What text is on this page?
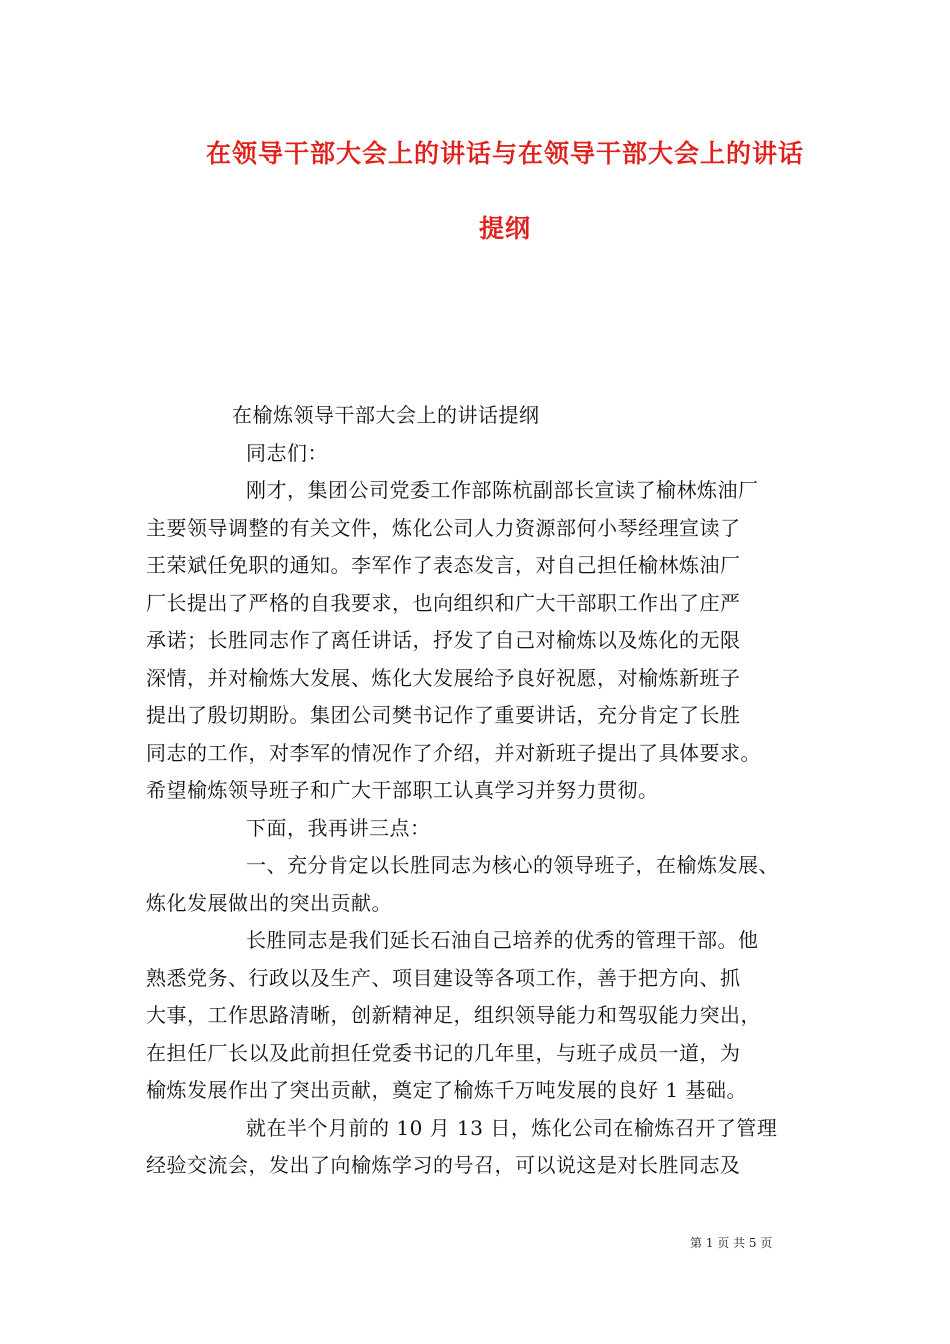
在领导干部大会上的讲话与在领导干部大会上的讲话
提纲
在榆炼领导干部大会上的讲话提纲
同志们：
刚才，集团公司党委工作部陈杭副部长宣读了榆林炼油厂
主要领导调整的有关文件，炼化公司人力资源部何小琴经理宣读了
王荣斌任免职的通知。李军作了表态发言，对自己担任榆林炼油厂
厂长提出了严格的自我要求，也向组织和广大干部职工作出了庄严
承诺；长胜同志作了离任讲话，抒发了自己对榆炼以及炼化的无限
深情，并对榆炼大发展、炼化大发展给予良好祝愿，对榆炼新班子
提出了殷切期盼。集团公司樊书记作了重要讲话，充分肯定了长胜
同志的工作，对李军的情况作了介绍，并对新班子提出了具体要求。
希望榆炼领导班子和广大干部职工认真学习并努力贯彻。
下面，我再讲三点：
一、充分肯定以长胜同志为核心的领导班子，在榆炼发展、
炼化发展做出的突出贡献。
长胜同志是我们延长石油自己培养的优秀的管理干部。他
熟悉党务、行政以及生产、项目建设等各项工作，善于把方向、抓
大事，工作思路清晰，创新精神足，组织领导能力和驾驭能力突出，
在担任厂长以及此前担任党委书记的几年里，与班子成员一道，为
榆炼发展作出了突出贡献，奠定了榆炼千万吨发展的良好 1 基础。
就在半个月前的 10 月 13 日，炼化公司在榆炼召开了管理
经验交流会，发出了向榆炼学习的号召，可以说这是对长胜同志及
第 1 页 共 5 页
